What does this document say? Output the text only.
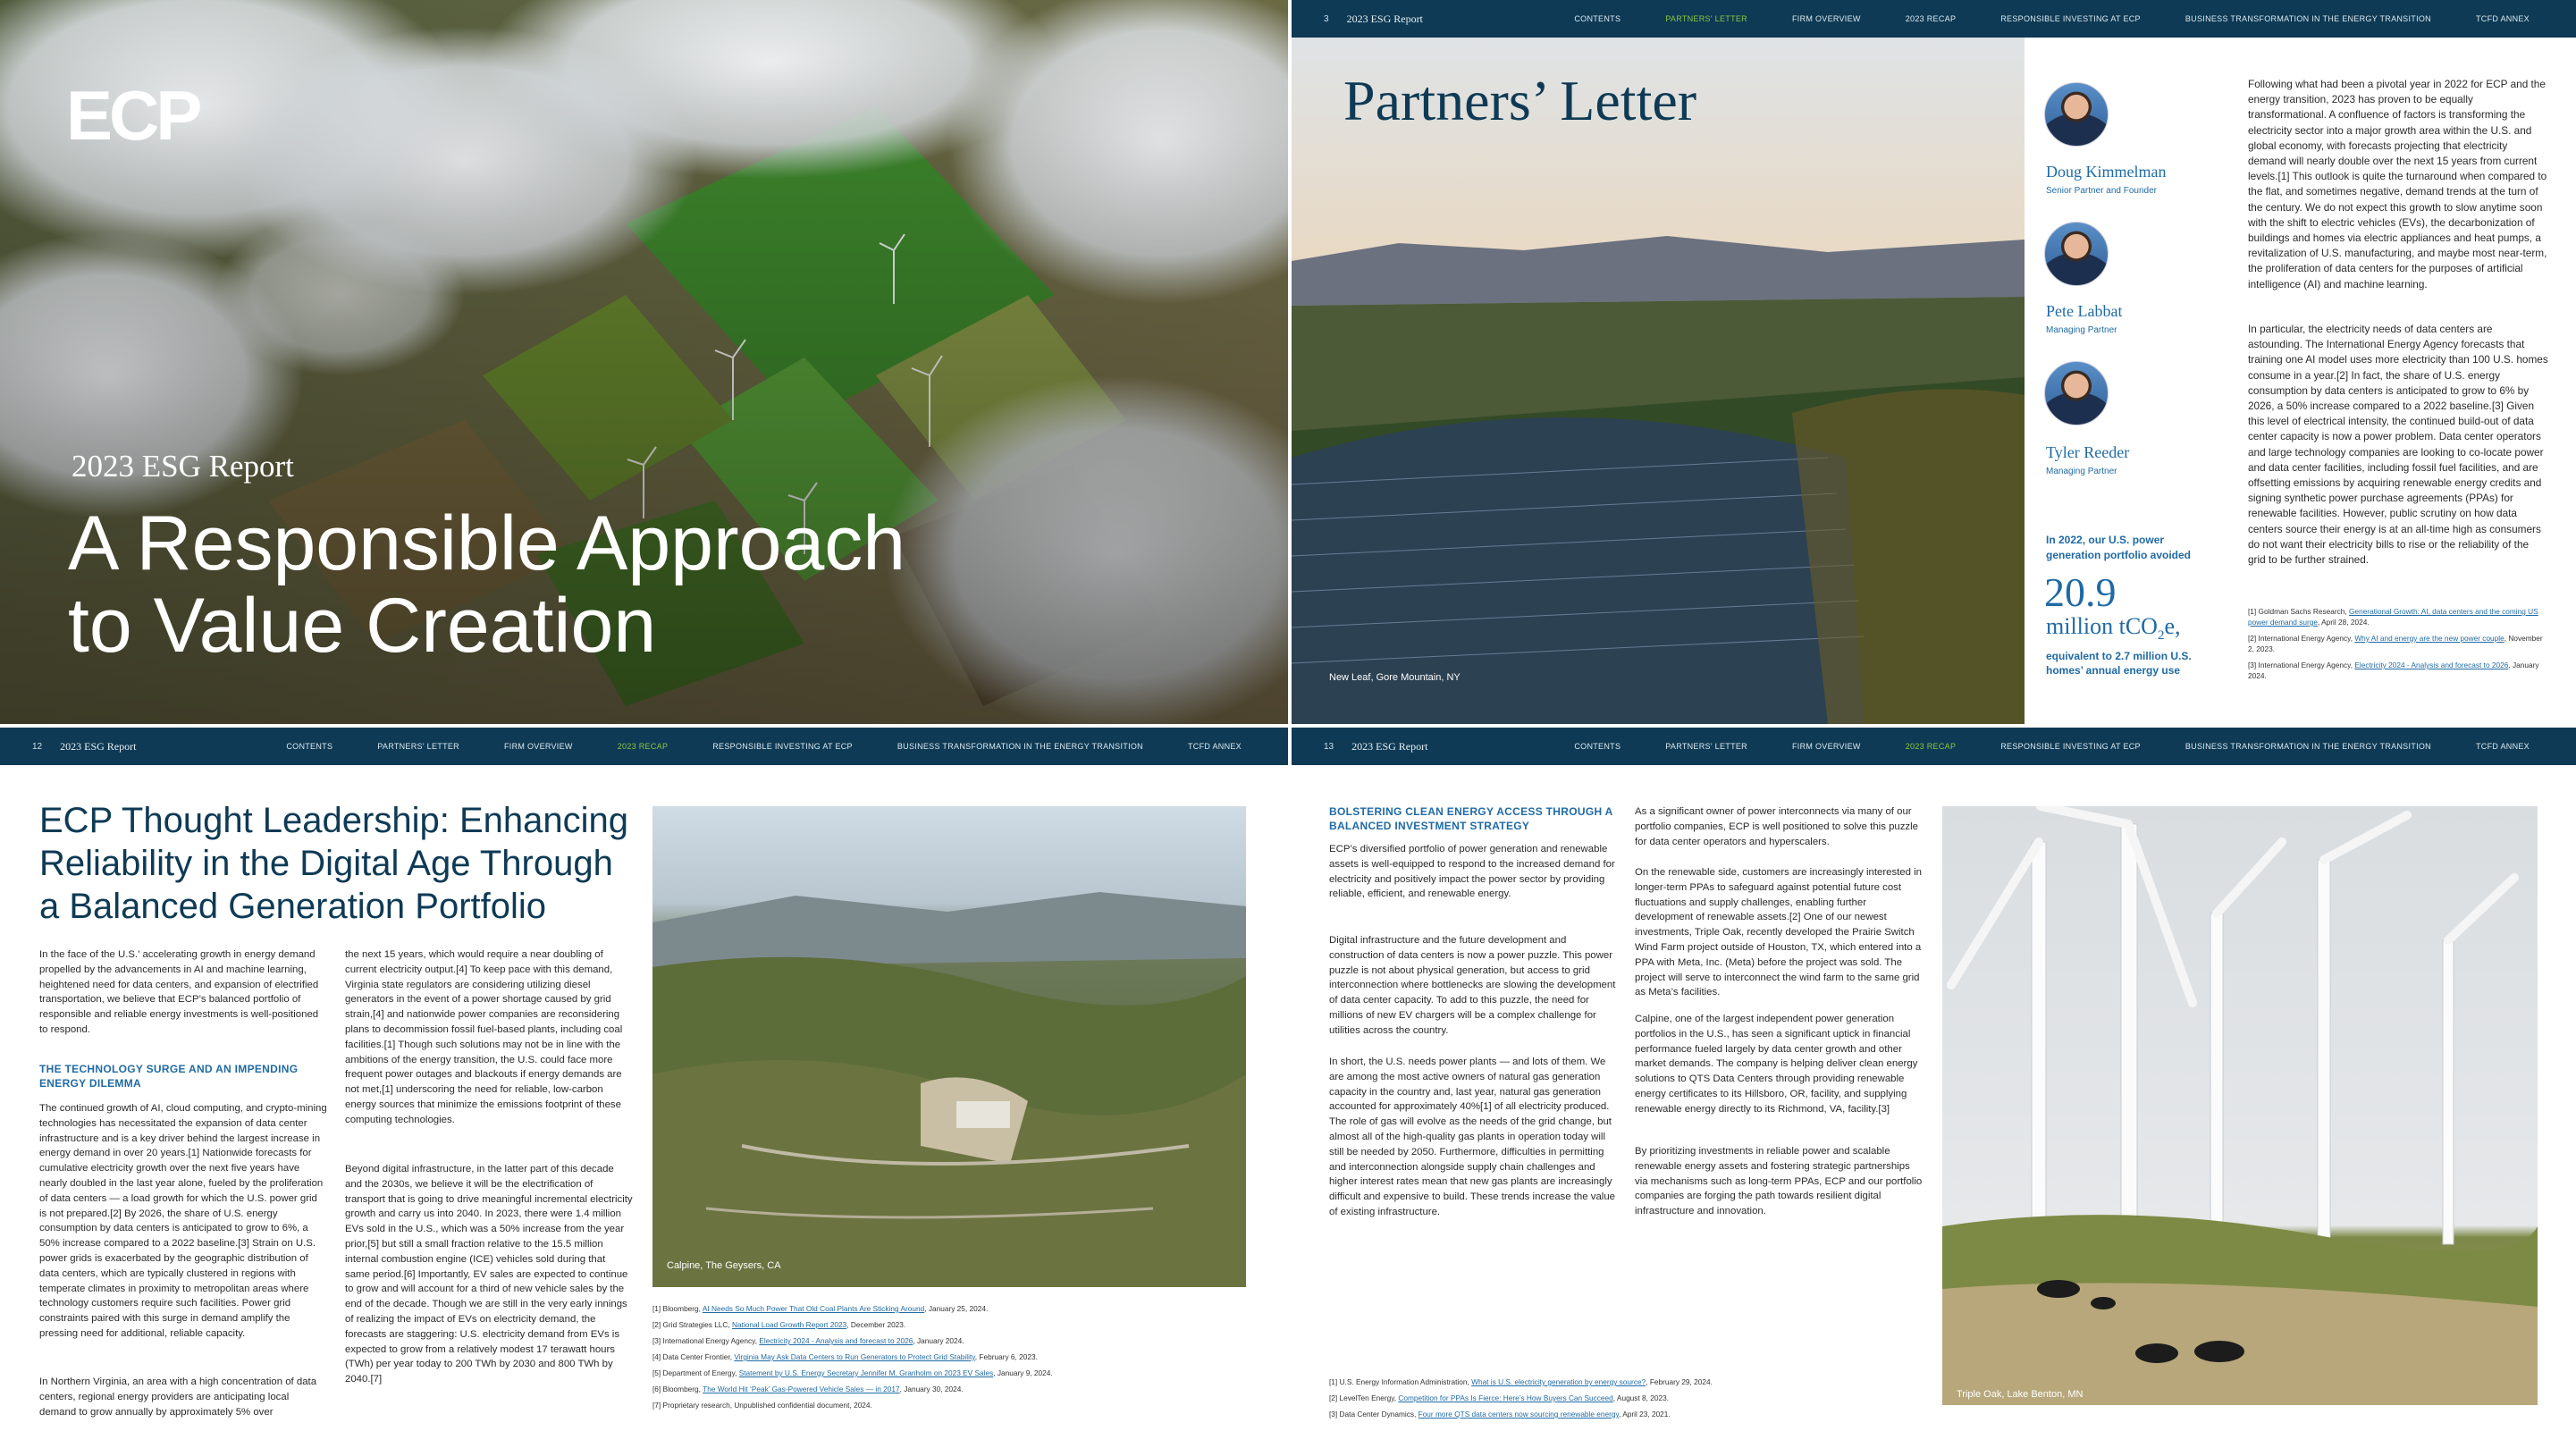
ECP
2023 ESG Report
A Responsible Approach
to Value Creation
3 2023 ESG Report	CONTENTS	PARTNERS' LETTER	FIRM OVERVIEW	2023 RECAP	RESPONSIBLE INVESTING AT ECP	BUSINESS TRANSFORMATION IN THE ENERGY TRANSITION	TCFD ANNEX
New Leaf, Gore Mountain, NY
Partners’ Letter
Doug Kimmelman
Senior Partner and Founder
Pete Labbat
Managing Partner
Tyler Reeder
Managing Partner
In 2022, our U.S. power generation portfolio avoided
20.9
million tCO$_2$e,
equivalent to 2.7 million U.S. homes’ annual energy use
Following what had been a pivotal year in 2022 for ECP and the energy transition, 2023 has proven to be equally transformational. A confluence of factors is transforming the electricity sector into a major growth area within the U.S. and global economy, with forecasts projecting that electricity demand will nearly double over the next 15 years from current levels.[1] This outlook is quite the turnaround when compared to the flat, and sometimes negative, demand trends at the turn of the century. We do not expect this growth to slow anytime soon with the shift to electric vehicles (EVs), the decarbonization of buildings and homes via electric appliances and heat pumps, a revitalization of U.S. manufacturing, and maybe most near-term, the proliferation of data centers for the purposes of artificial intelligence (AI) and machine learning.
In particular, the electricity needs of data centers are astounding. The International Energy Agency forecasts that training one AI model uses more electricity than 100 U.S. homes consume in a year.[2] In fact, the share of U.S. energy consumption by data centers is anticipated to grow to 6% by 2026, a 50% increase compared to a 2022 baseline.[3] Given this level of electrical intensity, the continued build-out of data center capacity is now a power problem. Data center operators and large technology companies are looking to co-locate power and data center facilities, including fossil fuel facilities, and are offsetting emissions by acquiring renewable energy credits and signing synthetic power purchase agreements (PPAs) for renewable facilities. However, public scrutiny on how data centers source their energy is at an all-time high as consumers do not want their electricity bills to rise or the reliability of the grid to be further strained.
[1] Goldman Sachs Research, Generational Growth: AI, data centers and the coming US power demand surge, April 28, 2024.
[2] International Energy Agency, Why AI and energy are the new power couple, November 2, 2023.
[3] International Energy Agency, Electricity 2024 - Analysis and forecast to 2026, January 2024.
12 2023 ESG Report	CONTENTS	PARTNERS' LETTER	FIRM OVERVIEW	2023 RECAP	RESPONSIBLE INVESTING AT ECP	BUSINESS TRANSFORMATION IN THE ENERGY TRANSITION	TCFD ANNEX
ECP Thought Leadership: Enhancing Reliability in the Digital Age Through a Balanced Generation Portfolio
In the face of the U.S.’ accelerating growth in energy demand propelled by the advancements in AI and machine learning, heightened need for data centers, and expansion of electrified transportation, we believe that ECP’s balanced portfolio of responsible and reliable energy investments is well-positioned to respond.
THE TECHNOLOGY SURGE AND AN IMPENDING ENERGY DILEMMA
The continued growth of AI, cloud computing, and crypto-mining technologies has necessitated the expansion of data center infrastructure and is a key driver behind the largest increase in energy demand in over 20 years.[1] Nationwide forecasts for cumulative electricity growth over the next five years have nearly doubled in the last year alone, fueled by the proliferation of data centers — a load growth for which the U.S. power grid is not prepared.[2] By 2026, the share of U.S. energy consumption by data centers is anticipated to grow to 6%, a 50% increase compared to a 2022 baseline.[3] Strain on U.S. power grids is exacerbated by the geographic distribution of data centers, which are typically clustered in regions with temperate climates in proximity to metropolitan areas where technology customers require such facilities. Power grid constraints paired with this surge in demand amplify the pressing need for additional, reliable capacity.
In Northern Virginia, an area with a high concentration of data centers, regional energy providers are anticipating local demand to grow annually by approximately 5% over
the next 15 years, which would require a near doubling of current electricity output.[4] To keep pace with this demand, Virginia state regulators are considering utilizing diesel generators in the event of a power shortage caused by grid strain,[4] and nationwide power companies are reconsidering plans to decommission fossil fuel-based plants, including coal facilities.[1] Though such solutions may not be in line with the ambitions of the energy transition, the U.S. could face more frequent power outages and blackouts if energy demands are not met,[1] underscoring the need for reliable, low-carbon energy sources that minimize the emissions footprint of these computing technologies.
Beyond digital infrastructure, in the latter part of this decade and the 2030s, we believe it will be the electrification of transport that is going to drive meaningful incremental electricity growth and carry us into 2040. In 2023, there were 1.4 million EVs sold in the U.S., which was a 50% increase from the year prior,[5] but still a small fraction relative to the 15.5 million internal combustion engine (ICE) vehicles sold during that same period.[6] Importantly, EV sales are expected to continue to grow and will account for a third of new vehicle sales by the end of the decade. Though we are still in the very early innings of realizing the impact of EVs on electricity demand, the forecasts are staggering: U.S. electricity demand from EVs is expected to grow from a relatively modest 17 terawatt hours (TWh) per year today to 200 TWh by 2030 and 800 TWh by 2040.[7]
Calpine, The Geysers, CA
[1] Bloomberg, AI Needs So Much Power That Old Coal Plants Are Sticking Around, January 25, 2024.
[2] Grid Strategies LLC, National Load Growth Report 2023, December 2023.
[3] International Energy Agency, Electricity 2024 - Analysis and forecast to 2026, January 2024.
[4] Data Center Frontier, Virginia May Ask Data Centers to Run Generators to Protect Grid Stability, February 6, 2023.
[5] Department of Energy, Statement by U.S. Energy Secretary Jennifer M. Granholm on 2023 EV Sales, January 9, 2024.
[6] Bloomberg, The World Hit ‘Peak’ Gas-Powered Vehicle Sales — in 2017, January 30, 2024.
[7] Proprietary research, Unpublished confidential document, 2024.
13 2023 ESG Report	CONTENTS	PARTNERS' LETTER	FIRM OVERVIEW	2023 RECAP	RESPONSIBLE INVESTING AT ECP	BUSINESS TRANSFORMATION IN THE ENERGY TRANSITION	TCFD ANNEX
BOLSTERING CLEAN ENERGY ACCESS THROUGH A BALANCED INVESTMENT STRATEGY
ECP’s diversified portfolio of power generation and renewable assets is well-equipped to respond to the increased demand for electricity and positively impact the power sector by providing reliable, efficient, and renewable energy.
Digital infrastructure and the future development and construction of data centers is now a power puzzle. This power puzzle is not about physical generation, but access to grid interconnection where bottlenecks are slowing the development of data center capacity. To add to this puzzle, the need for millions of new EV chargers will be a complex challenge for utilities across the country.
In short, the U.S. needs power plants — and lots of them. We are among the most active owners of natural gas generation capacity in the country and, last year, natural gas generation accounted for approximately 40%[1] of all electricity produced. The role of gas will evolve as the needs of the grid change, but almost all of the high-quality gas plants in operation today will still be needed by 2050. Furthermore, difficulties in permitting and interconnection alongside supply chain challenges and higher interest rates mean that new gas plants are increasingly difficult and expensive to build. These trends increase the value of existing infrastructure.
As a significant owner of power interconnects via many of our portfolio companies, ECP is well positioned to solve this puzzle for data center operators and hyperscalers.
On the renewable side, customers are increasingly interested in longer-term PPAs to safeguard against potential future cost fluctuations and supply challenges, enabling further development of renewable assets.[2] One of our newest investments, Triple Oak, recently developed the Prairie Switch Wind Farm project outside of Houston, TX, which entered into a PPA with Meta, Inc. (Meta) before the project was sold. The project will serve to interconnect the wind farm to the same grid as Meta’s facilities.
Calpine, one of the largest independent power generation portfolios in the U.S., has seen a significant uptick in financial performance fueled largely by data center growth and other market demands. The company is helping deliver clean energy solutions to QTS Data Centers through providing renewable energy certificates to its Hillsboro, OR, facility, and supplying renewable energy directly to its Richmond, VA, facility.[3]
By prioritizing investments in reliable power and scalable renewable energy assets and fostering strategic partnerships via mechanisms such as long-term PPAs, ECP and our portfolio companies are forging the path towards resilient digital infrastructure and innovation.
Triple Oak, Lake Benton, MN
[1] U.S. Energy Information Administration, What is U.S. electricity generation by energy source?, February 29, 2024.
[2] LevelTen Energy, Competition for PPAs Is Fierce: Here’s How Buyers Can Succeed, August 8, 2023.
[3] Data Center Dynamics, Four more QTS data centers now sourcing renewable energy, April 23, 2021.
